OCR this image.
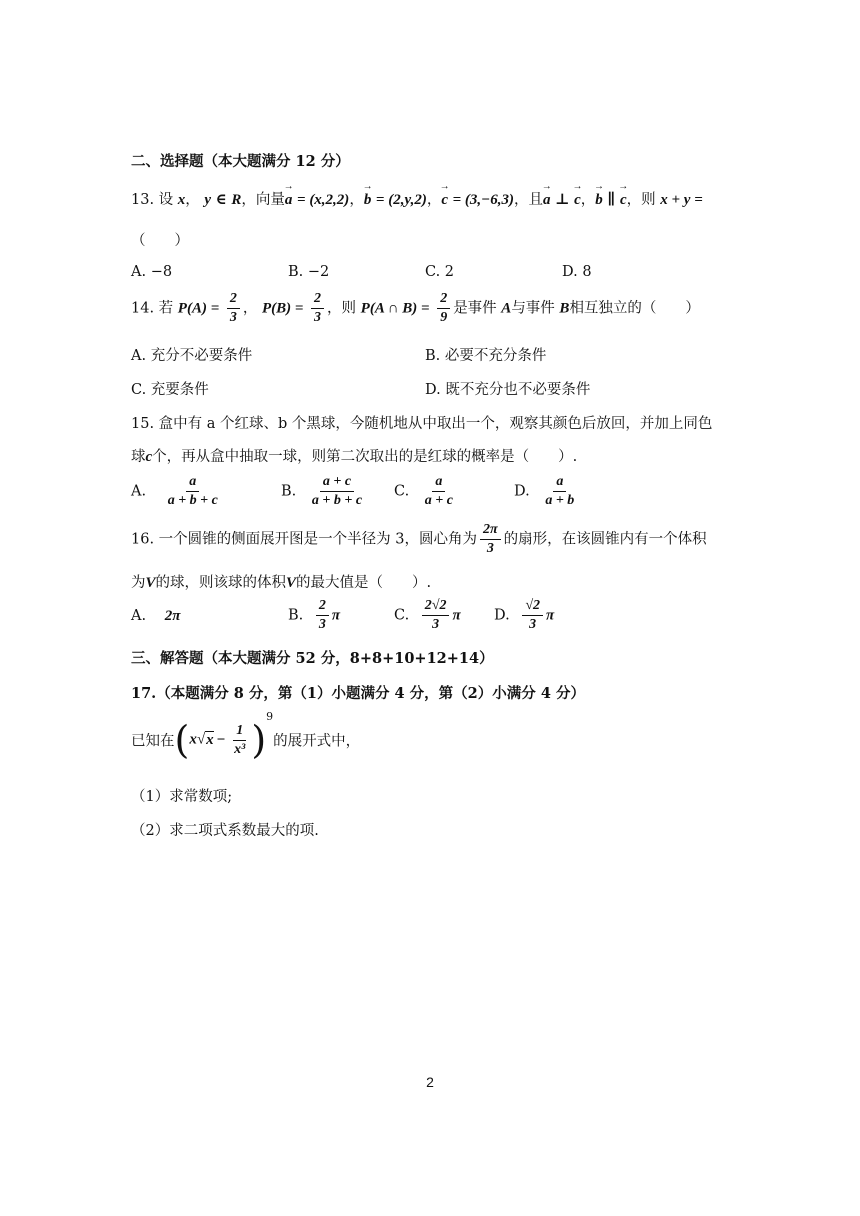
二、选择题（本大题满分 12 分）
13. 设 x， y ∈ R，向量→ a = (x,2,2)，→ b = (2,y,2)，→ c = (3,−6,3)，且→ a ⊥ → c，→ b ∥ → c，则 x + y =
（　　）
A. −8	B. −2	C. 2	D. 8
14. 若 $P(A) = \frac{2}{3}$ ， $P(B) = \frac{2}{3}$ ，则 P(A ∩ $B) = \frac{2}{9}$ 是事件 A与事件 B相互独立的（　　）
A. 充分不必要条件	B. 必要不充分条件
C. 充要条件	D. 既不充分也不必要条件
15. 盒中有 a 个红球、b 个黑球，今随机地从中取出一个，观察其颜色后放回，并加上同色
球c个，再从盒中抽取一球，则第二次取出的是红球的概率是（　　）.
A. $\frac{a}{a + b + c}$	B. $\frac{a + c}{a + b + c} C$. $\frac{a}{a + c}$	D. $\frac{a}{a + b}$
16. 一个圆锥的侧面展开图是一个半径为 3，圆心角为 $\frac{2\pi}{3}$ 的扇形，在该圆锥内有一个体积
为V的球，则该球的体积V的最大值是（　　）.
A. 2π	B. $\frac{2}{3}$ π	C. $\frac{2√2}{3}$ π D. $\frac{√2}{3}$ π
三、解答题（本大题满分 52 分，8+8+10+12+14）
17.（本题满分 8 分，第（1）小题满分 4 分，第（2）小满分 4 分）
已知在$(x√x - \frac{1}{\text{x³}} )^9$的展开式中，
（1）求常数项;
（2）求二项式系数最大的项.
2
